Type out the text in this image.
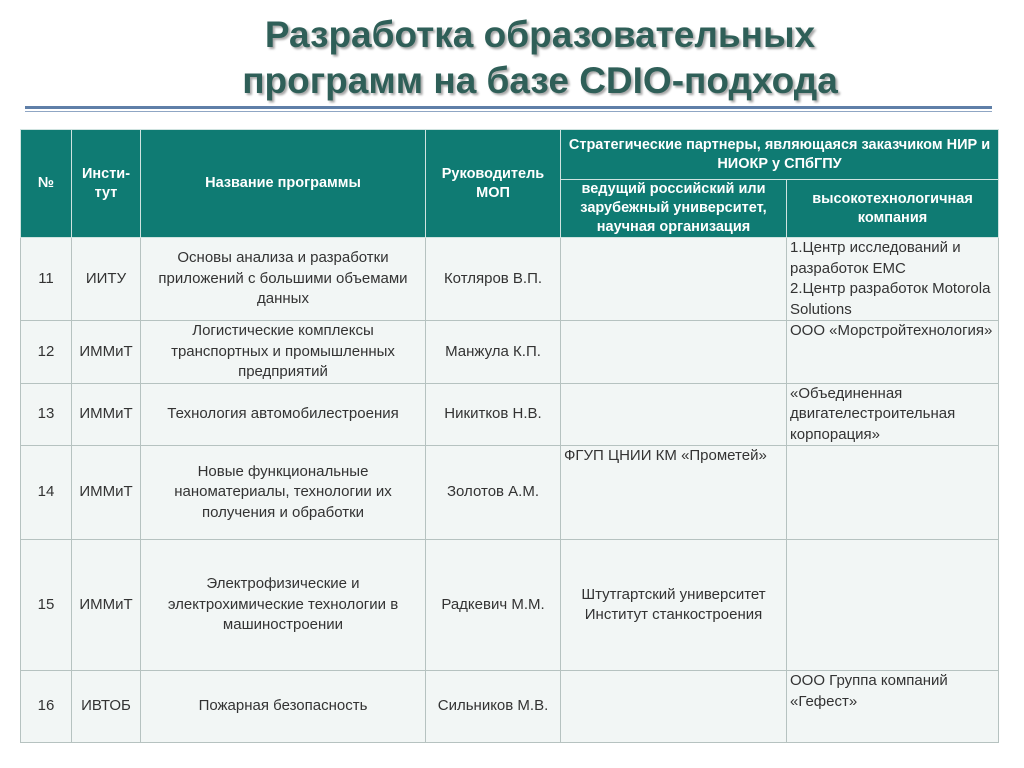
Разработка образовательных
программ на базе CDIO-подхода
№	Инсти-тут	Название программы	Руководитель МОП	Стратегические партнеры, являющаяся заказчиком НИР и НИОКР у СПбГПУ	
				ведущий российский или зарубежный университет, научная организация	высокотехнологичная компания
11	ИИТУ	Основы анализа и разработки приложений с большими объемами данных	Котляров В.П.		1.Центр исследований и разработок ЕМС
2.Центр разработок Motorola Solutions

12	ИММиТ	Логистические комплексы транспортных и промышленных предприятий	Манжула К.П.		ООО «Морстройтехнология»

13	ИММиТ	Технология автомобилестроения	Никитков Н.В.		«Объединенная двигателестроительная корпорация»

14	ИММиТ	Новые функциональные наноматериалы, технологии их получения и обработки	Золотов А.М.	ФГУП ЦНИИ КМ «Прометей»	

15	ИММиТ	Электрофизические и электрохимические технологии в машиностроении	Радкевич М.М.	Штутгартский университет Институт станкостроения	

16	ИВТОБ	Пожарная безопасность	Сильников М.В.		ООО Группа компаний «Гефест»
